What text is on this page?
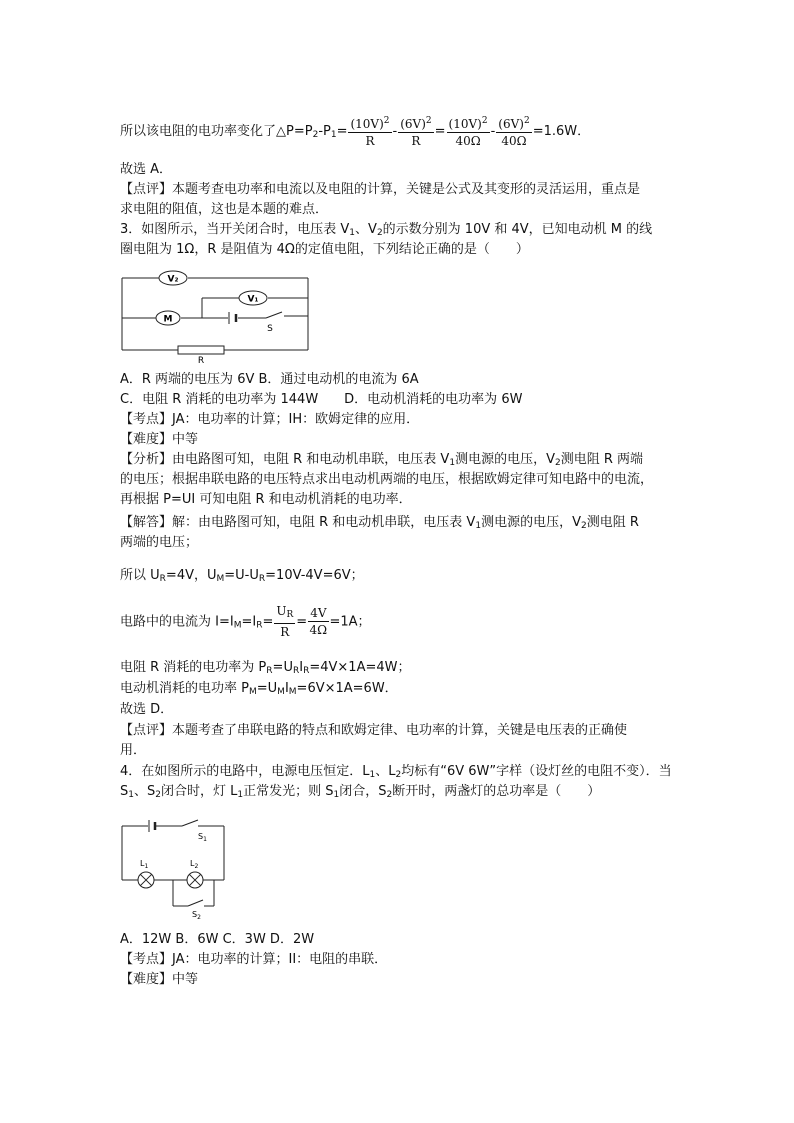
所以该电阻的电功率变化了$\triangle P=P_2-P_1= \frac{(10V)^2}{R} - \frac{(6V)^2}{R} = \frac{(10V)^2}{40\Omega} - \frac{(6V)^2}{40\Omega} =1.6W$．
故选 A．
【点评】本题考查电功率和电流以及电阻的计算，关键是公式及其变形的灵活运用，重点是
求电阻的阻值，这也是本题的难点．
3．如图所示，当开关闭合时，电压表 $V_1$、$V_2$的示数分别为 10V 和 4V，已知电动机 M 的线
圈电阻为 1Ω，R 是阻值为 4Ω的定值电阻，下列结论正确的是（　　）
V₂
V₁
M
S
R
A．R 两端的电压为 6V B．通过电动机的电流为 6A
C．电阻 R 消耗的电功率为 144W　　D．电动机消耗的电功率为 6W
【考点】JA：电功率的计算；IH：欧姆定律的应用．
【难度】中等
【分析】由电路图可知，电阻 R 和电动机串联，电压表 $V_1$测电源的电压，$V_2$测电阻 R 两端
的电压；根据串联电路的电压特点求出电动机两端的电压，根据欧姆定律可知电路中的电流，
再根据 P=UI 可知电阻 R 和电动机消耗的电功率．
【解答】解：由电路图可知，电阻 R 和电动机串联，电压表 $V_1$测电源的电压，$V_2$测电阻 R
两端的电压；
所以 $U_R=4V$，$U_M=U-U_R=10V-4V=6V$；
电路中的电流为 $I=I_M=I_R= \frac{U_R}{R} = \frac{4V}{4\Omega} =1A$；
电阻 R 消耗的电功率为 $P_R=U_RI_R=4V\times 1A=4W$；
电动机消耗的电功率 $P_M=U_MI_M=6V\times 1A=6W$．
故选 D．
【点评】本题考查了串联电路的特点和欧姆定律、电功率的计算，关键是电压表的正确使
用．
4．在如图所示的电路中，电源电压恒定．$L_1$、$L_2$均标有“6V 6W”字样（设灯丝的电阻不变）．当
$S_1$、$S_2$闭合时，灯 $L_1$正常发光；则 $S_1$闭合，$S_2$断开时，两盏灯的总功率是（　　）
$S_1$
$L_1$	$L_2$
$S_2$
A．12W B．6W C．3W D．2W
【考点】JA：电功率的计算；II：电阻的串联．
【难度】中等
